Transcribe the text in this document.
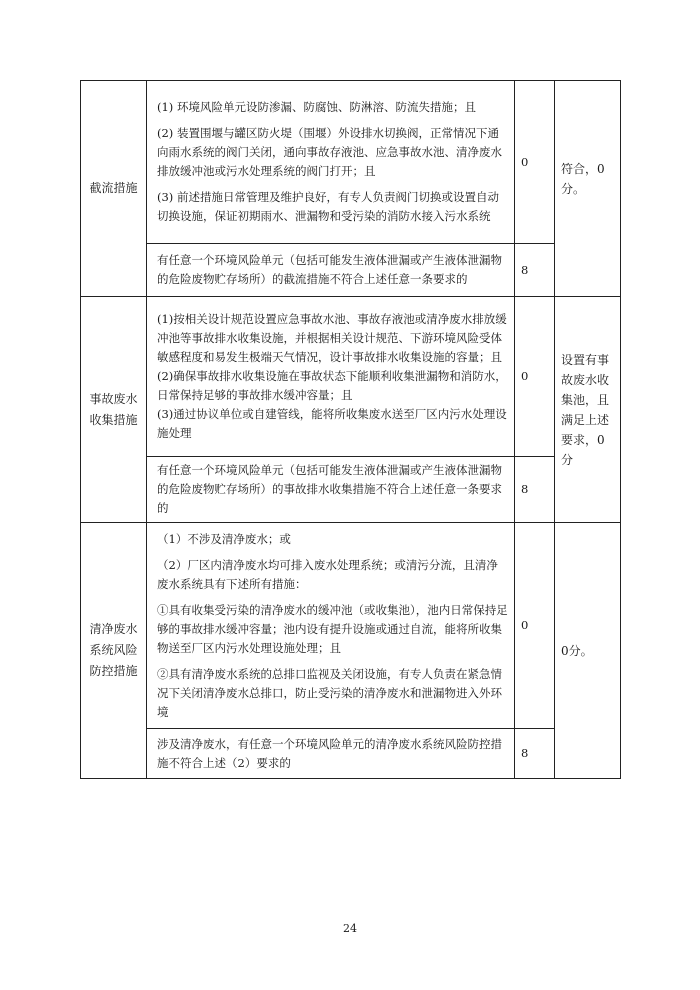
截流措施	(1) 环境风险单元设防渗漏、防腐蚀、防淋溶、防流失措施；且

(2) 装置围堰与罐区防火堤（围堰）外设排水切换阀，正常情况下通向雨水系统的阀门关闭，通向事故存液池、应急事故水池、清净废水排放缓冲池或污水处理系统的阀门打开；且

(3) 前述措施日常管理及维护良好，有专人负责阀门切换或设置自动切换设施，保证初期雨水、泄漏物和受污染的消防水接入污水系统	0	符合，0分。
	有任意一个环境风险单元（包括可能发生液体泄漏或产生液体泄漏物的危险废物贮存场所）的截流措施不符合上述任意一条要求的	8	
事故废水收集措施	(1)按相关设计规范设置应急事故水池、事故存液池或清净废水排放缓冲池等事故排水收集设施，并根据相关设计规范、下游环境风险受体敏感程度和易发生极端天气情况，设计事故排水收集设施的容量；且

(2)确保事故排水收集设施在事故状态下能顺利收集泄漏物和消防水，日常保持足够的事故排水缓冲容量；且

(3)通过协议单位或自建管线，能将所收集废水送至厂区内污水处理设施处理	0	设置有事故废水收集池，且满足上述要求，0分
	有任意一个环境风险单元（包括可能发生液体泄漏或产生液体泄漏物的危险废物贮存场所）的事故排水收集措施不符合上述任意一条要求的	8	
清净废水系统风险防控措施	（1）不涉及清净废水；或

（2）厂区内清净废水均可排入废水处理系统；或清污分流，且清净废水系统具有下述所有措施：

①具有收集受污染的清净废水的缓冲池（或收集池），池内日常保持足够的事故排水缓冲容量；池内设有提升设施或通过自流，能将所收集物送至厂区内污水处理设施处理；且

②具有清净废水系统的总排口监视及关闭设施，有专人负责在紧急情况下关闭清净废水总排口，防止受污染的清净废水和泄漏物进入外环境	0	0分。
	涉及清净废水，有任意一个环境风险单元的清净废水系统风险防控措施不符合上述（2）要求的	8	
24
